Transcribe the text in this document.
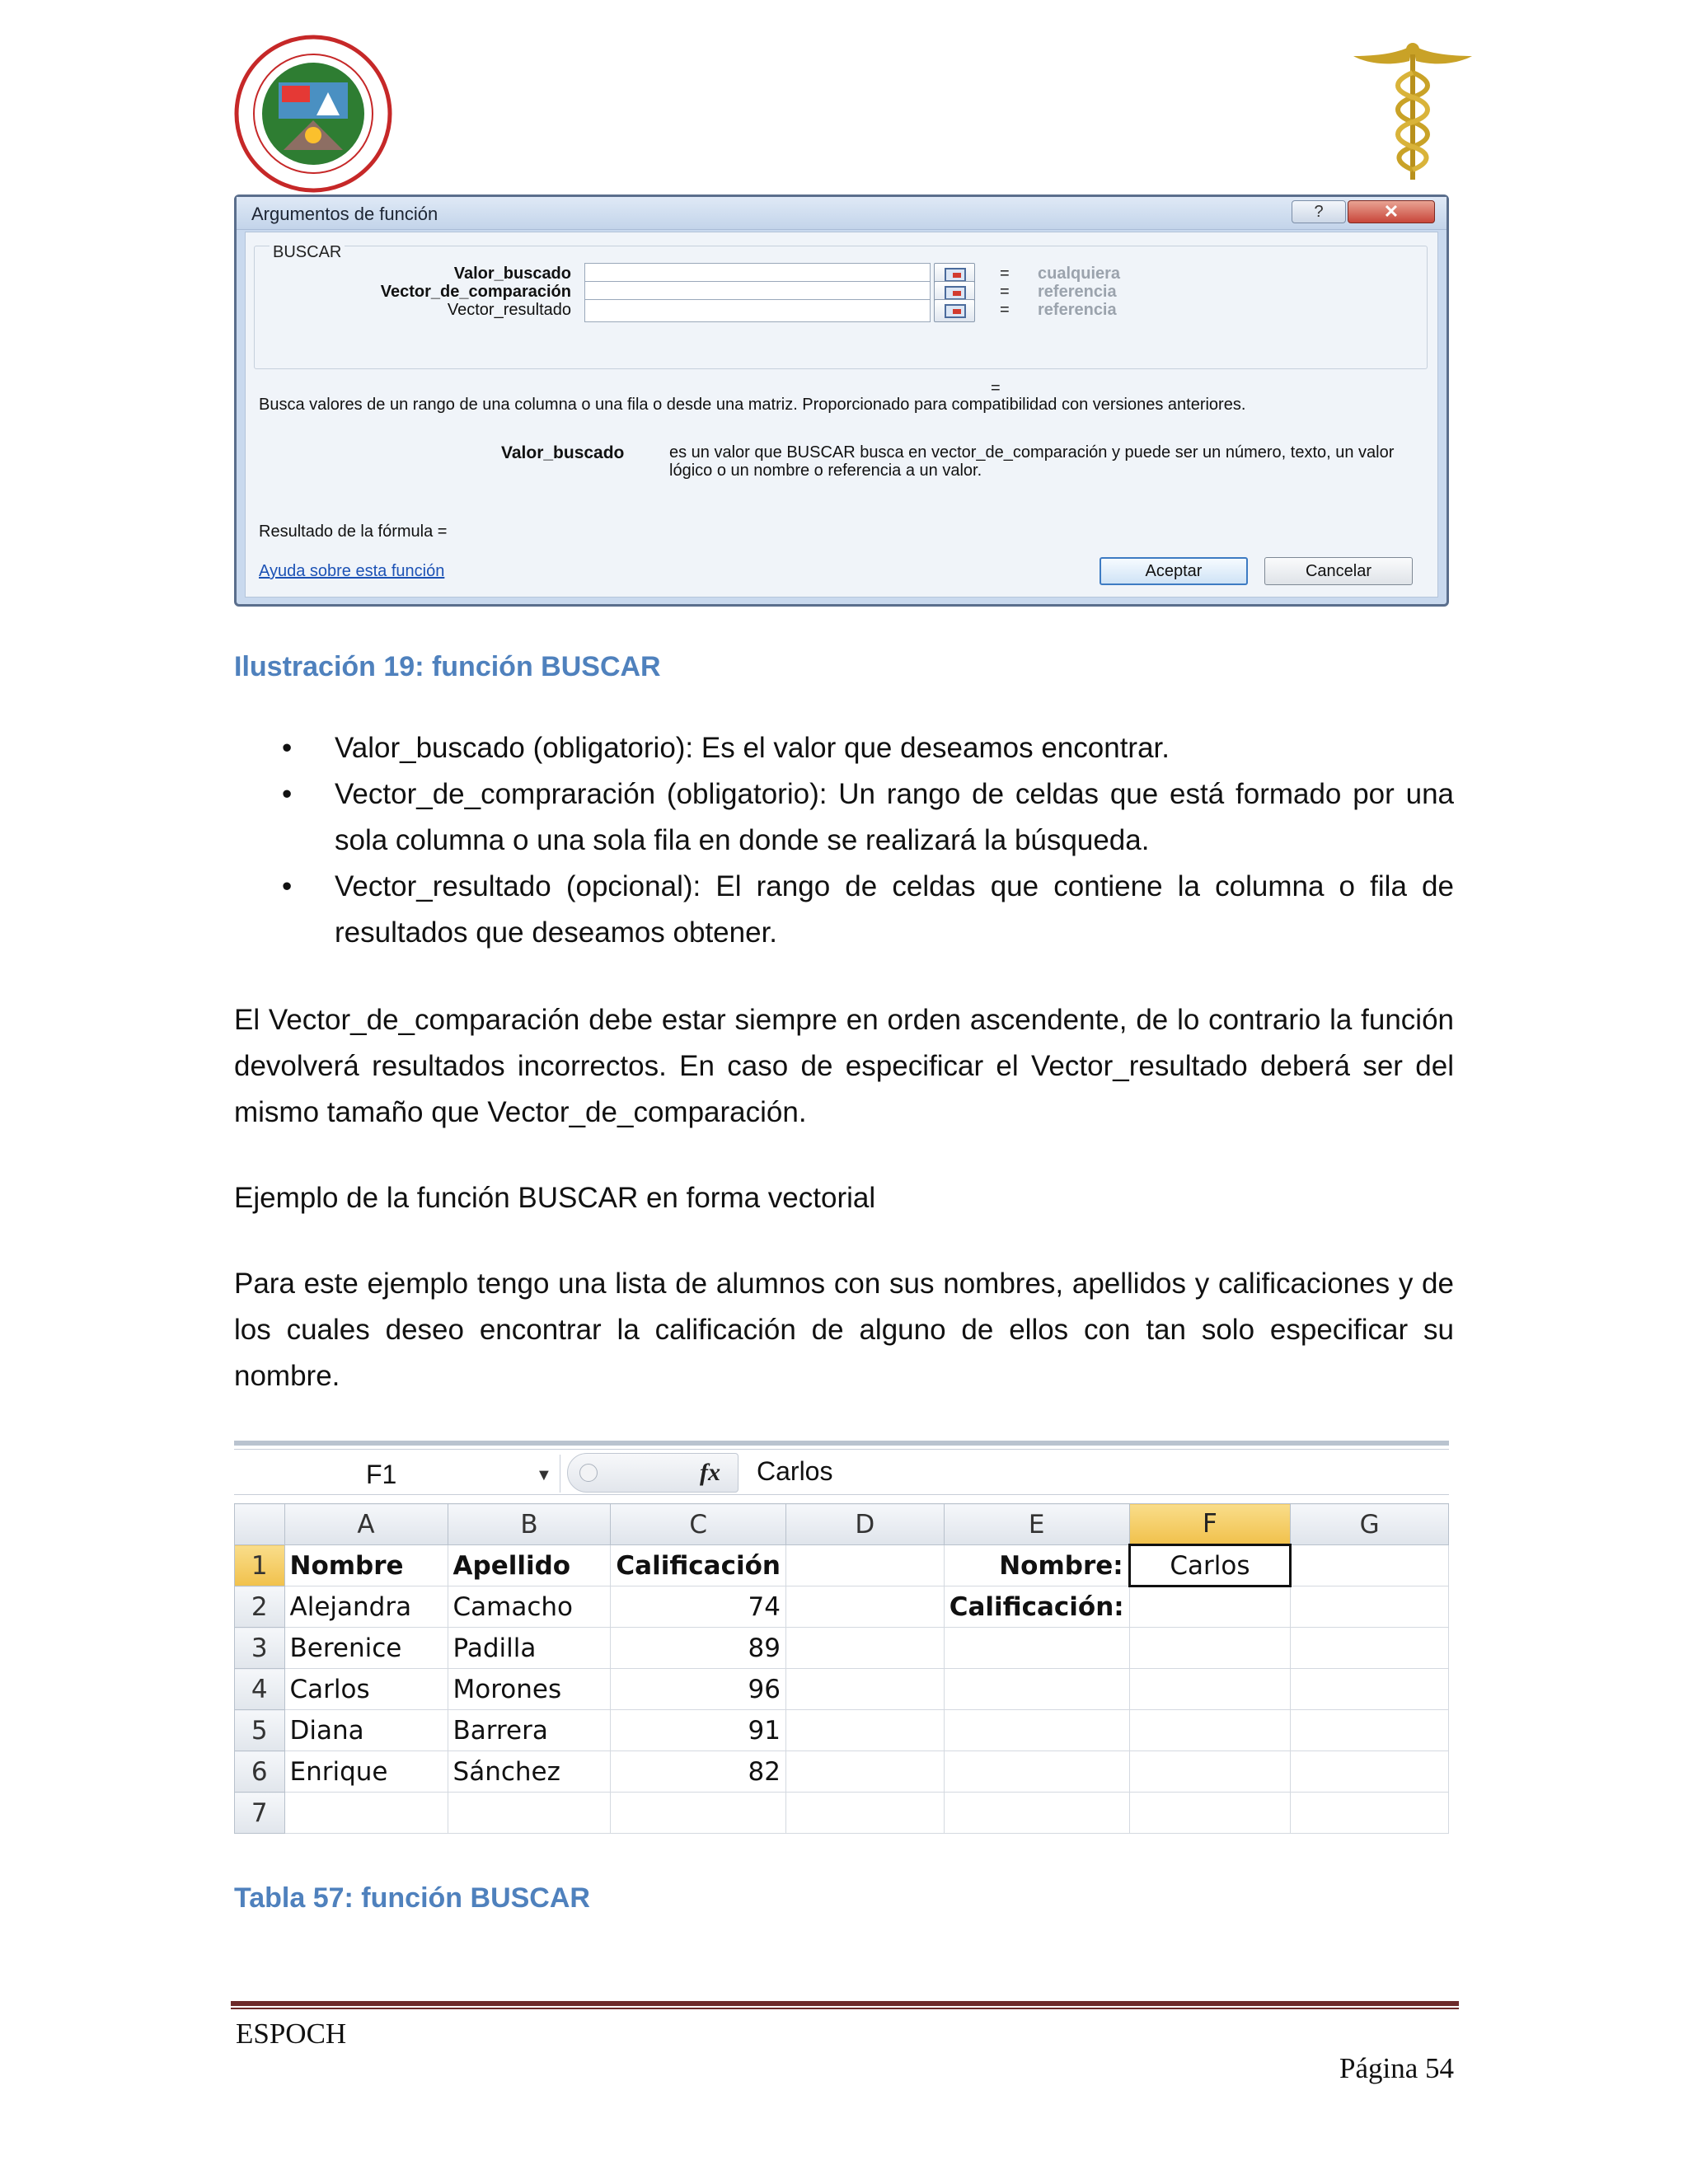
Argumentos de función	?	✕
BUSCAR
Valor_buscado	= cualquiera
Vector_de_comparación	= referencia
Vector_resultado	= referencia
=

Busca valores de un rango de una columna o una fila o desde una matriz. Proporcionado para compatibilidad con versiones anteriores.

Valor_buscado	es un valor que BUSCAR busca en vector_de_comparación y puede ser un número, texto, un valor lógico o un nombre o referencia a un valor.

Resultado de la fórmula =
Ayuda sobre esta función	Aceptar	Cancelar
Ilustración 19: función BUSCAR
• Valor_buscado (obligatorio): Es el valor que deseamos encontrar.
• Vector_de_compraración (obligatorio): Un rango de celdas que está formado por una sola columna o una sola fila en donde se realizará la búsqueda.
• Vector_resultado (opcional): El rango de celdas que contiene la columna o fila de resultados que deseamos obtener.

El Vector_de_comparación debe estar siempre en orden ascendente, de lo contrario la función devolverá resultados incorrectos. En caso de especificar el Vector_resultado deberá ser del mismo tamaño que Vector_de_comparación.

Ejemplo de la función BUSCAR en forma vectorial

Para este ejemplo tengo una lista de alumnos con sus nombres, apellidos y calificaciones y de los cuales deseo encontrar la calificación de alguno de ellos con tan solo especificar su nombre.

F1	▼	fx Carlos
	A	B	C	D	E	F	G
1	Nombre	Apellido	Calificación		Nombre:	Carlos	
2	Alejandra	Camacho	74		Calificación:		
3	Berenice	Padilla	89				
4	Carlos	Morones	96				
5	Diana	Barrera	91				
6	Enrique	Sánchez	82				
7							
Tabla 57: función BUSCAR
ESPOCH
Página 54
